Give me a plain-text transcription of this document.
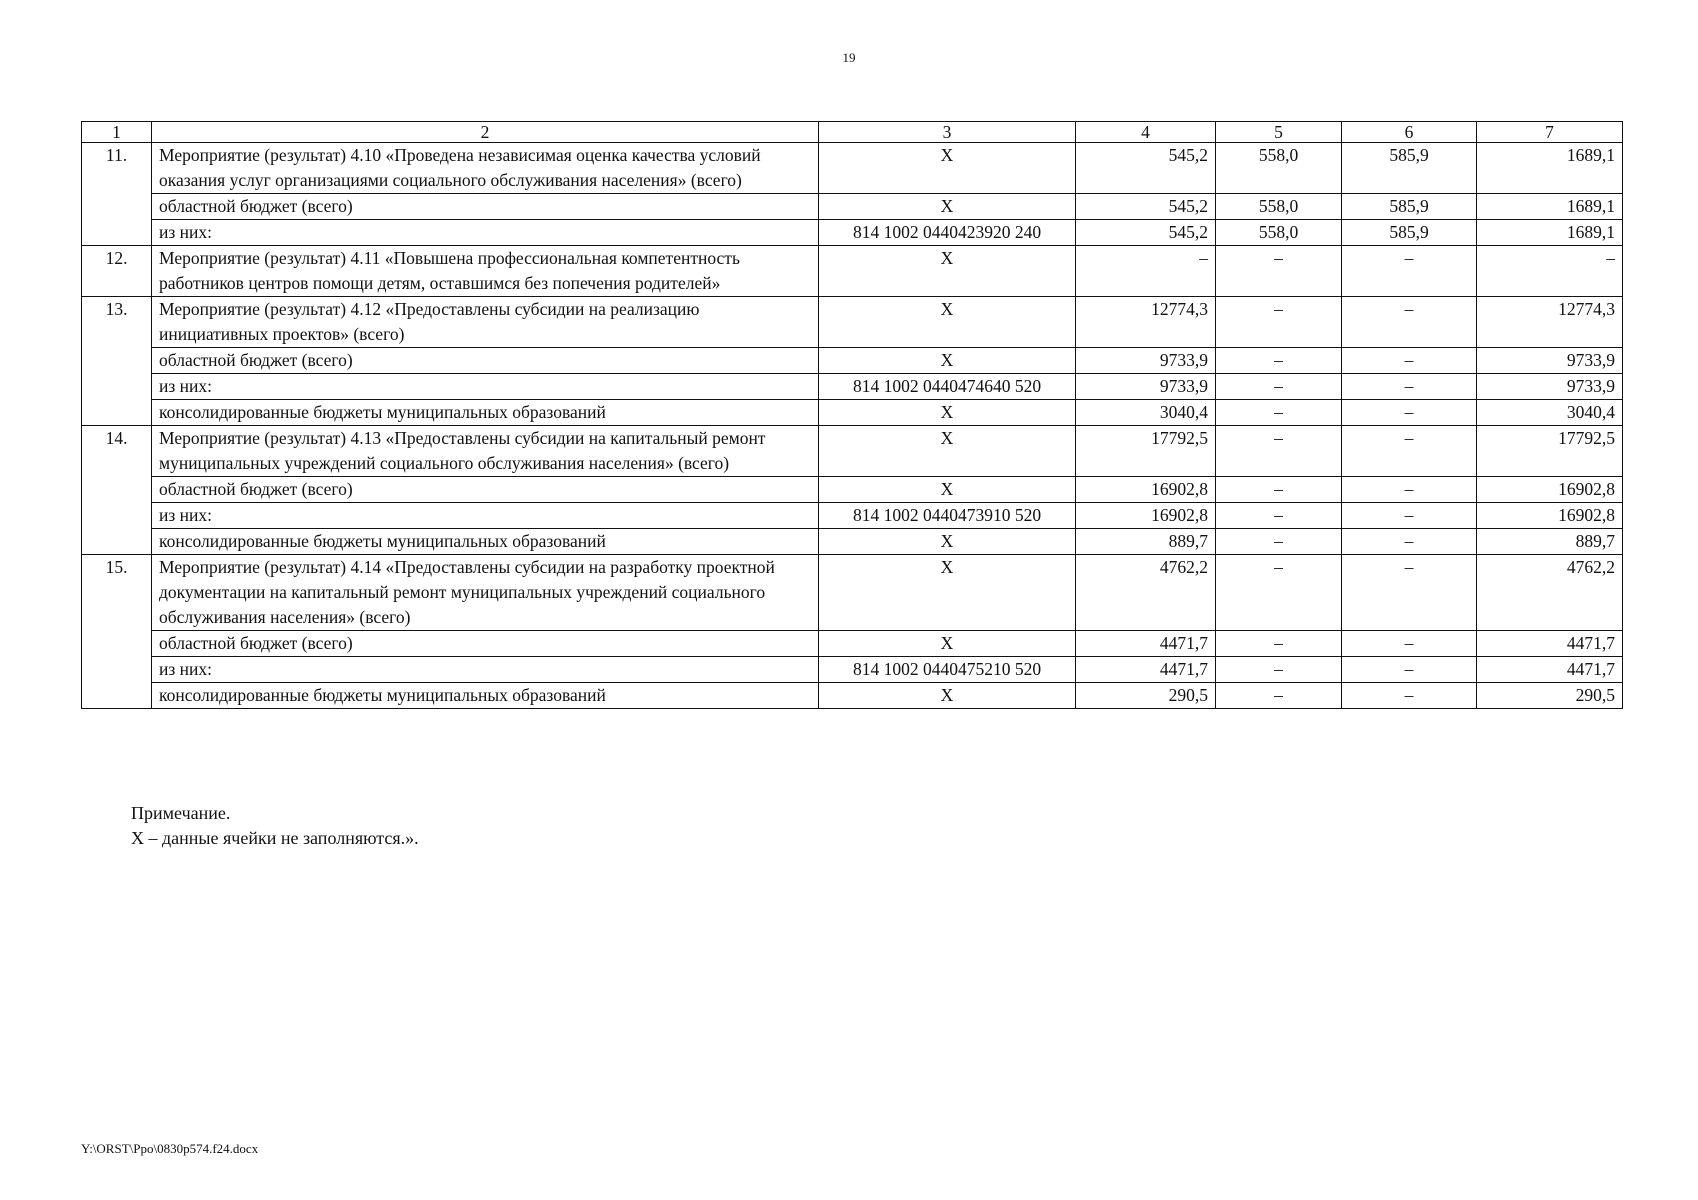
19
1	2	3	4	5	6	7
11.	Мероприятие (результат) 4.10 «Проведена независимая оценка качества условий оказания услуг организациями социального обслуживания населения» (всего)	Х	545,2	558,0	585,9	1689,1
	областной бюджет (всего)	Х	545,2	558,0	585,9	1689,1
	из них:	814 1002 0440423920 240	545,2	558,0	585,9	1689,1
12.	Мероприятие (результат) 4.11 «Повышена профессиональная компетентность работников центров помощи детям, оставшимся без попечения родителей»	Х	–	–	–	–
13.	Мероприятие (результат) 4.12 «Предоставлены субсидии на реализацию инициативных проектов» (всего)	Х	12774,3	–	–	12774,3
	областной бюджет (всего)	Х	9733,9	–	–	9733,9
	из них:	814 1002 0440474640 520	9733,9	–	–	9733,9
	консолидированные бюджеты муниципальных образований	Х	3040,4	–	–	3040,4
14.	Мероприятие (результат) 4.13 «Предоставлены субсидии на капитальный ремонт муниципальных учреждений социального обслуживания населения» (всего)	Х	17792,5	–	–	17792,5
	областной бюджет (всего)	Х	16902,8	–	–	16902,8
	из них:	814 1002 0440473910 520	16902,8	–	–	16902,8
	консолидированные бюджеты муниципальных образований	Х	889,7	–	–	889,7
15.	Мероприятие (результат) 4.14 «Предоставлены субсидии на разработку проектной документации на капитальный ремонт муниципальных учреждений социального обслуживания населения» (всего)	Х	4762,2	–	–	4762,2
	областной бюджет (всего)	Х	4471,7	–	–	4471,7
	из них:	814 1002 0440475210 520	4471,7	–	–	4471,7
	консолидированные бюджеты муниципальных образований	Х	290,5	–	–	290,5
Примечание.
Х – данные ячейки не заполняются.».
Y:\ORST\Ppo\0830p574.f24.docx
